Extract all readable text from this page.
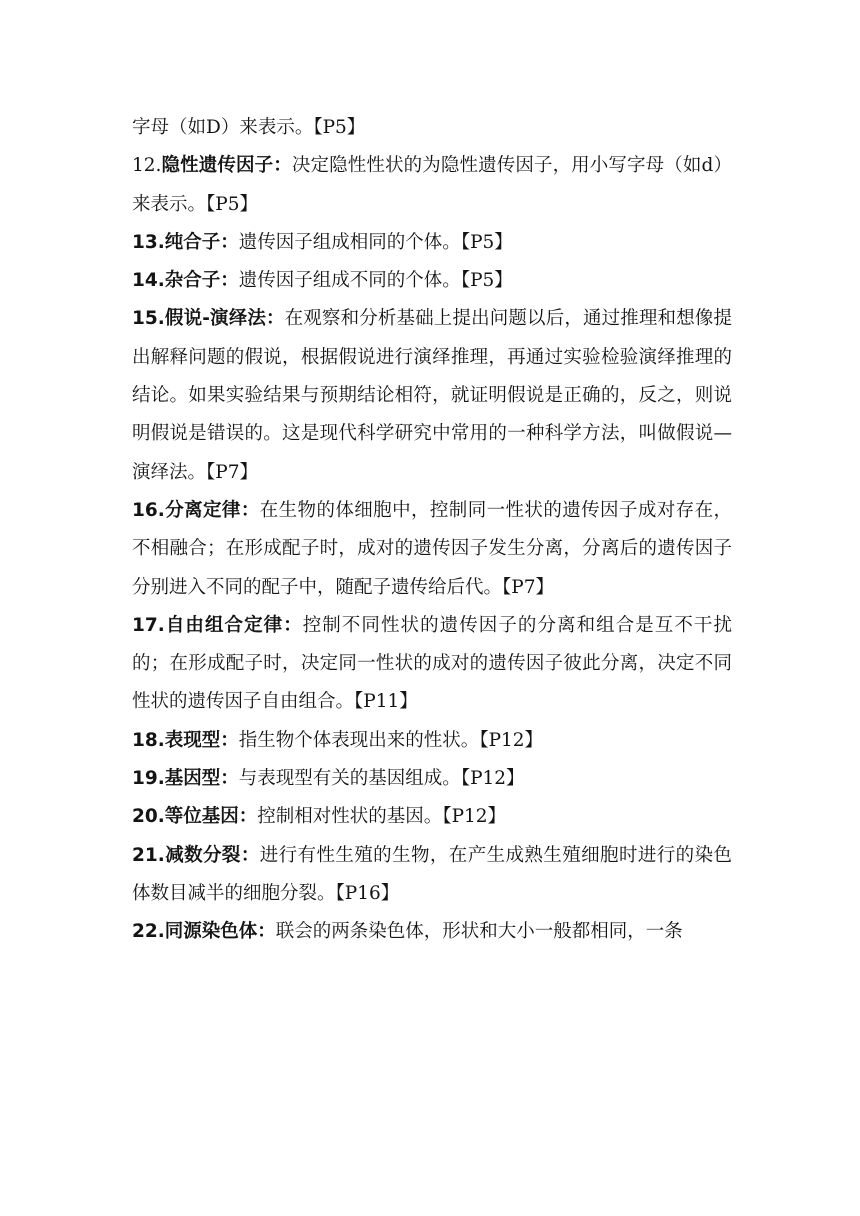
字母（如D）来表示。【P5】

12.隐性遗传因子：决定隐性性状的为隐性遗传因子，用小写字母（如d）来表示。【P5】

13.纯合子：遗传因子组成相同的个体。【P5】

14.杂合子：遗传因子组成不同的个体。【P5】

15.假说-演绎法：在观察和分析基础上提出问题以后，通过推理和想像提出解释问题的假说，根据假说进行演绎推理，再通过实验检验演绎推理的结论。如果实验结果与预期结论相符，就证明假说是正确的，反之，则说明假说是错误的。这是现代科学研究中常用的一种科学方法，叫做假说—演绎法。【P7】

16.分离定律：在生物的体细胞中，控制同一性状的遗传因子成对存在，不相融合；在形成配子时，成对的遗传因子发生分离，分离后的遗传因子分别进入不同的配子中，随配子遗传给后代。【P7】

17.自由组合定律：控制不同性状的遗传因子的分离和组合是互不干扰的；在形成配子时，决定同一性状的成对的遗传因子彼此分离，决定不同性状的遗传因子自由组合。【P11】

18.表现型：指生物个体表现出来的性状。【P12】

19.基因型：与表现型有关的基因组成。【P12】

20.等位基因：控制相对性状的基因。【P12】

21.减数分裂：进行有性生殖的生物，在产生成熟生殖细胞时进行的染色体数目减半的细胞分裂。【P16】

22.同源染色体：联会的两条染色体，形状和大小一般都相同，一条
